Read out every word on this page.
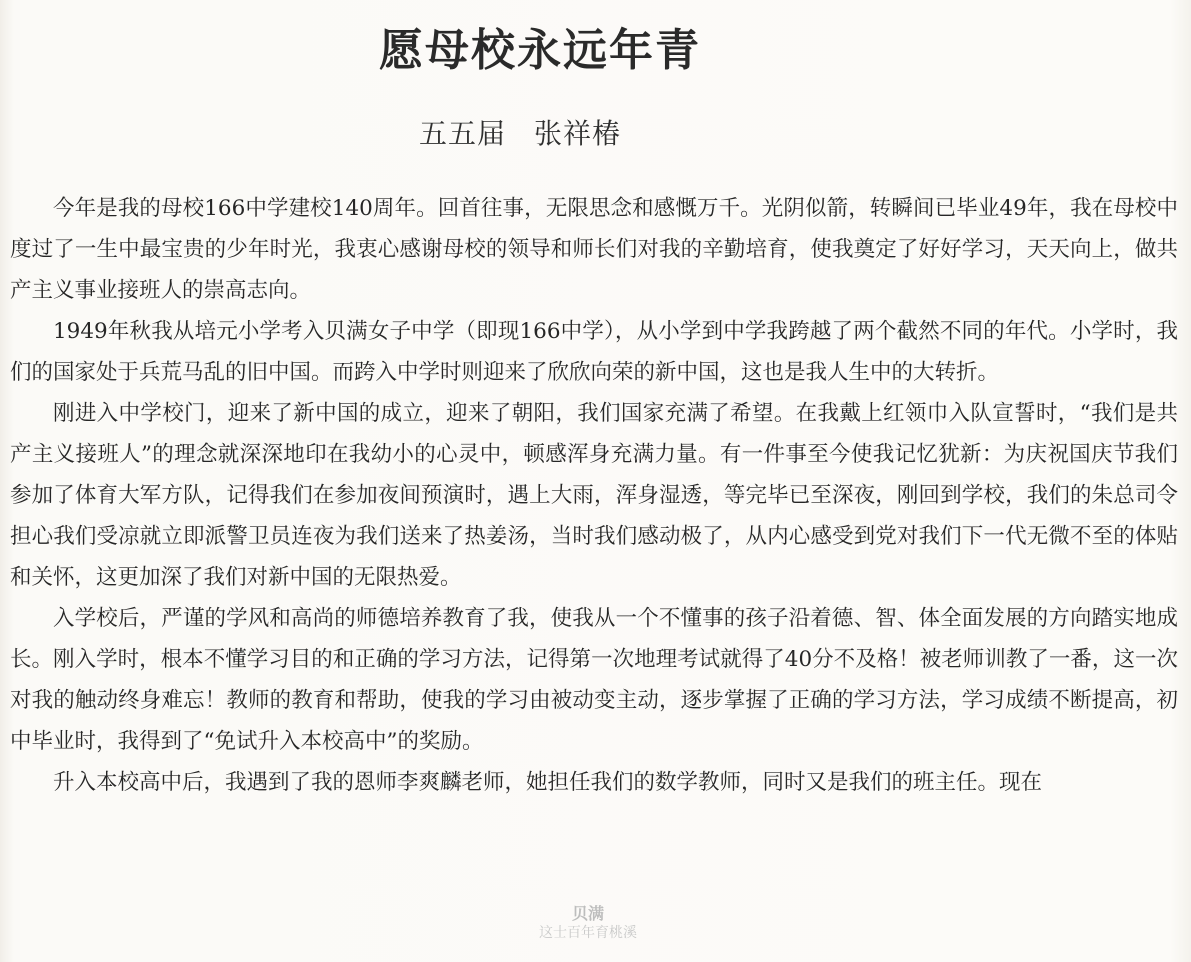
愿母校永远年青
五五届 张祥椿

今年是我的母校166中学建校140周年。回首往事，无限思念和感慨万千。光阴似箭，转瞬间已毕业49年，我在母校中度过了一生中最宝贵的少年时光，我衷心感谢母校的领导和师长们对我的辛勤培育，使我奠定了好好学习，天天向上，做共产主义事业接班人的崇高志向。

1949年秋我从培元小学考入贝满女子中学（即现166中学），从小学到中学我跨越了两个截然不同的年代。小学时，我们的国家处于兵荒马乱的旧中国。而跨入中学时则迎来了欣欣向荣的新中国，这也是我人生中的大转折。

刚进入中学校门，迎来了新中国的成立，迎来了朝阳，我们国家充满了希望。在我戴上红领巾入队宣誓时，“我们是共产主义接班人”的理念就深深地印在我幼小的心灵中，顿感浑身充满力量。有一件事至今使我记忆犹新：为庆祝国庆节我们参加了体育大军方队，记得我们在参加夜间预演时，遇上大雨，浑身湿透，等完毕已至深夜，刚回到学校，我们的朱总司令担心我们受凉就立即派警卫员连夜为我们送来了热姜汤，当时我们感动极了，从内心感受到党对我们下一代无微不至的体贴和关怀，这更加深了我们对新中国的无限热爱。

入学校后，严谨的学风和高尚的师德培养教育了我，使我从一个不懂事的孩子沿着德、智、体全面发展的方向踏实地成长。刚入学时，根本不懂学习目的和正确的学习方法，记得第一次地理考试就得了40分不及格！被老师训教了一番，这一次对我的触动终身难忘！教师的教育和帮助，使我的学习由被动变主动，逐步掌握了正确的学习方法，学习成绩不断提高，初中毕业时，我得到了“免试升入本校高中”的奖励。

升入本校高中后，我遇到了我的恩师李爽麟老师，她担任我们的数学教师，同时又是我们的班主任。现在

贝满
这士百年育桃溪
